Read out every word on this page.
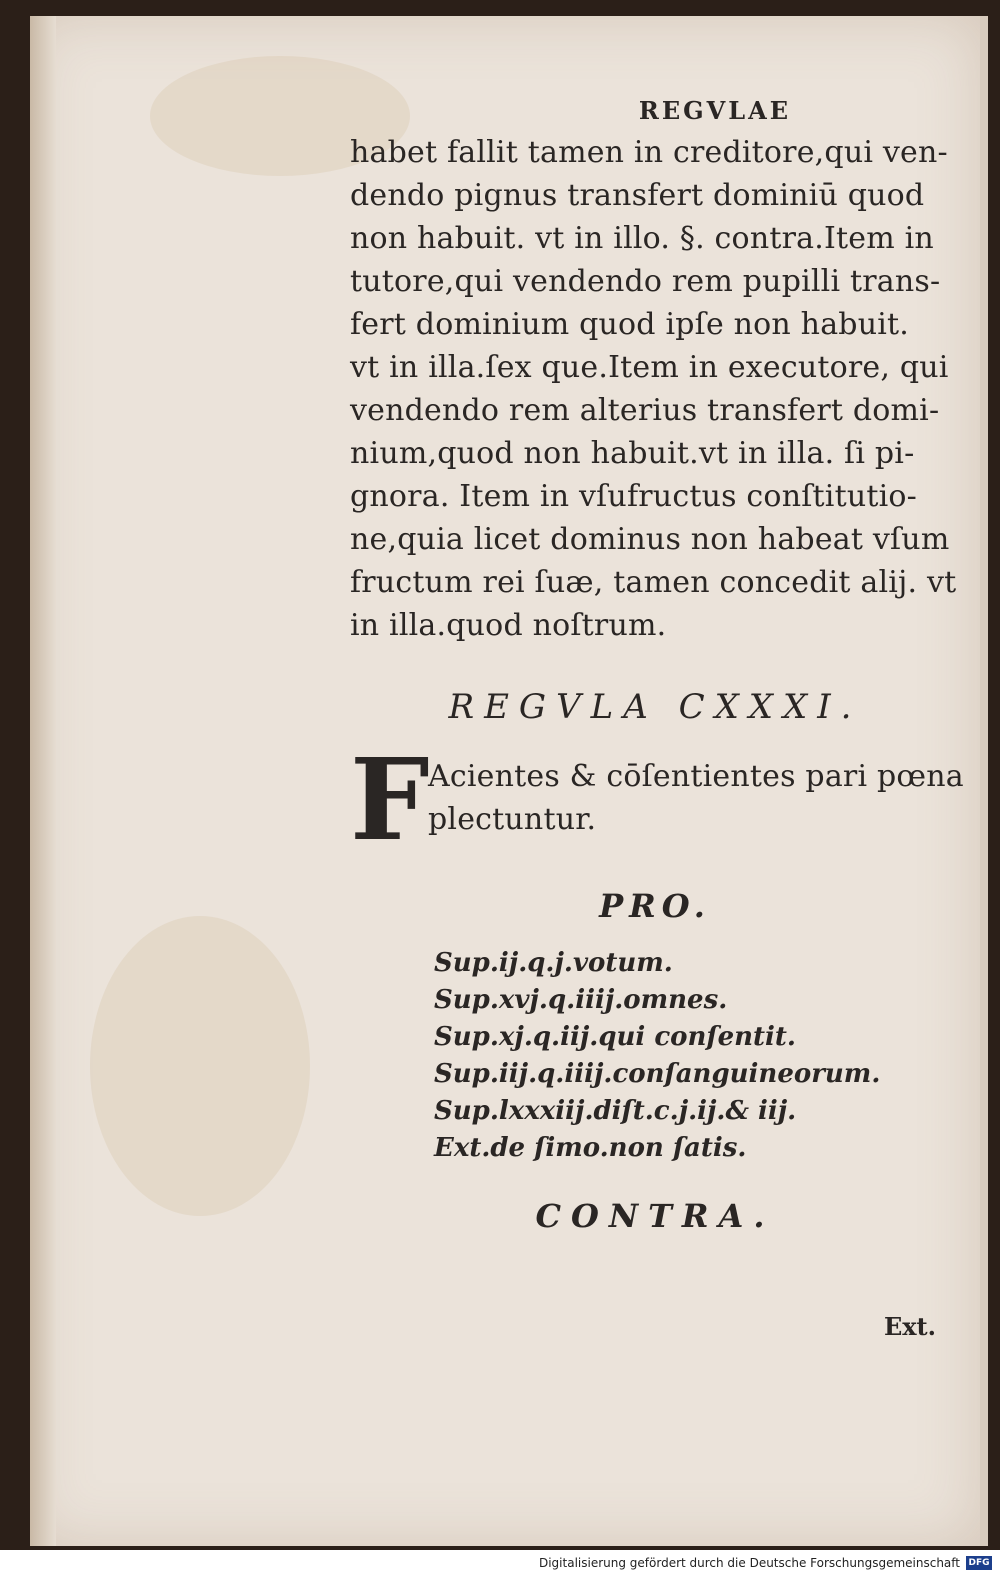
REGVLAE
habet fallit tamen in creditore,qui ven-
dendo pignus transfert dominiū quod
non habuit. vt in illo. §. contra.Item in
tutore,qui vendendo rem pupilli trans-
fert dominium quod ipſe non habuit.
vt in illa.ſex que.Item in executore, qui
vendendo rem alterius transfert domi-
nium,quod non habuit.vt in illa. ſi pi-
gnora. Item in vſufructus conſtitutio-
ne,quia licet dominus non habeat vſum
fructum rei ſuæ, tamen concedit alij. vt
in illa.quod noſtrum.
REGVLA CXXXI.
F
Acientes & cōſentientes pari pœna
plectuntur.
PRO.
Sup.ij.q.j.votum.
Sup.xvj.q.iiij.omnes.
Sup.xj.q.iij.qui conſentit.
Sup.iij.q.iiij.conſanguineorum.
Sup.lxxxiij.diſt.c.j.ij.& iij.
Ext.de ſimo.non ſatis.
CONTRA.
Ext.
Digitalisierung gefördert durch die Deutsche Forschungsgemeinschaft DFG
